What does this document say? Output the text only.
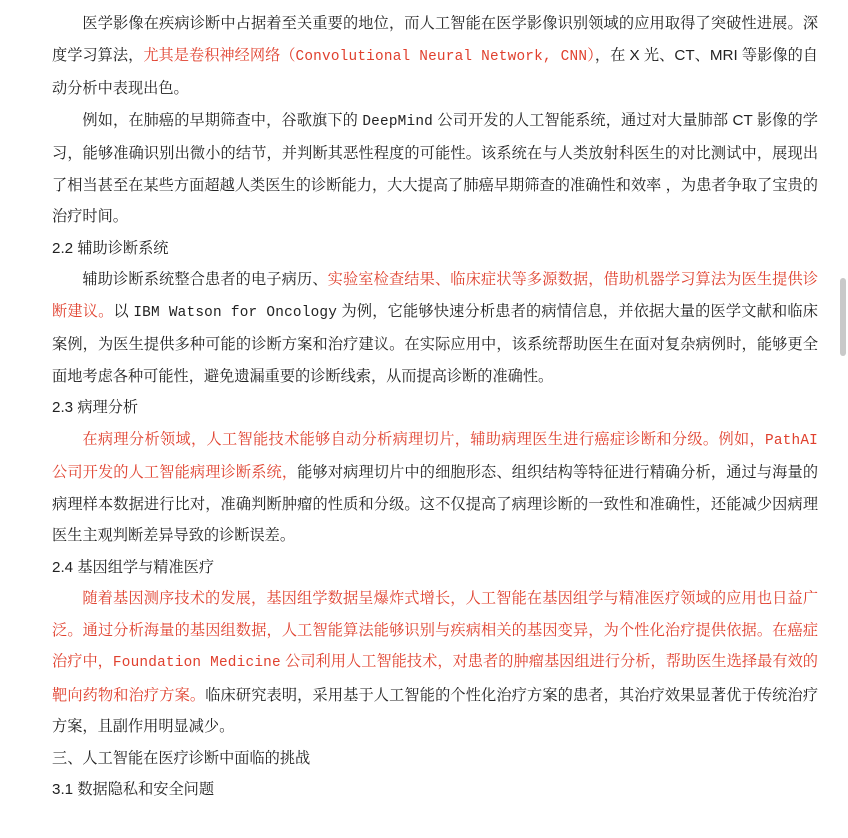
医学影像在疾病诊断中占据着至关重要的地位，而人工智能在医学影像识别领域的应用取得了突破性进展。深度学习算法，尤其是卷积神经网络（Convolutional Neural Network, CNN），在 X 光、CT、MRI 等影像的自动分析中表现出色。

例如，在肺癌的早期筛查中，谷歌旗下的 DeepMind 公司开发的人工智能系统，通过对大量肺部 CT 影像的学习，能够准确识别出微小的结节，并判断其恶性程度的可能性。该系统在与人类放射科医生的对比测试中，展现出了相当甚至在某些方面超越人类医生的诊断能力，大大提高了肺癌早期筛查的准确性和效率 ，为患者争取了宝贵的治疗时间。

2.2 辅助诊断系统

辅助诊断系统整合患者的电子病历、实验室检查结果、临床症状等多源数据，借助机器学习算法为医生提供诊断建议。以 IBM Watson for Oncology 为例，它能够快速分析患者的病情信息，并依据大量的医学文献和临床案例，为医生提供多种可能的诊断方案和治疗建议。在实际应用中，该系统帮助医生在面对复杂病例时，能够更全面地考虑各种可能性，避免遗漏重要的诊断线索，从而提高诊断的准确性。

2.3 病理分析

在病理分析领域，人工智能技术能够自动分析病理切片，辅助病理医生进行癌症诊断和分级。例如，PathAI 公司开发的人工智能病理诊断系统，能够对病理切片中的细胞形态、组织结构等特征进行精确分析，通过与海量的病理样本数据进行比对，准确判断肿瘤的性质和分级。这不仅提高了病理诊断的一致性和准确性，还能减少因病理医生主观判断差异导致的诊断误差。

2.4 基因组学与精准医疗

随着基因测序技术的发展，基因组学数据呈爆炸式增长，人工智能在基因组学与精准医疗领域的应用也日益广泛。通过分析海量的基因组数据，人工智能算法能够识别与疾病相关的基因变异，为个性化治疗提供依据。在癌症治疗中，Foundation Medicine 公司利用人工智能技术，对患者的肿瘤基因组进行分析，帮助医生选择最有效的靶向药物和治疗方案。临床研究表明，采用基于人工智能的个性化治疗方案的患者，其治疗效果显著优于传统治疗方案，且副作用明显减少。

三、人工智能在医疗诊断中面临的挑战

3.1 数据隐私和安全问题
